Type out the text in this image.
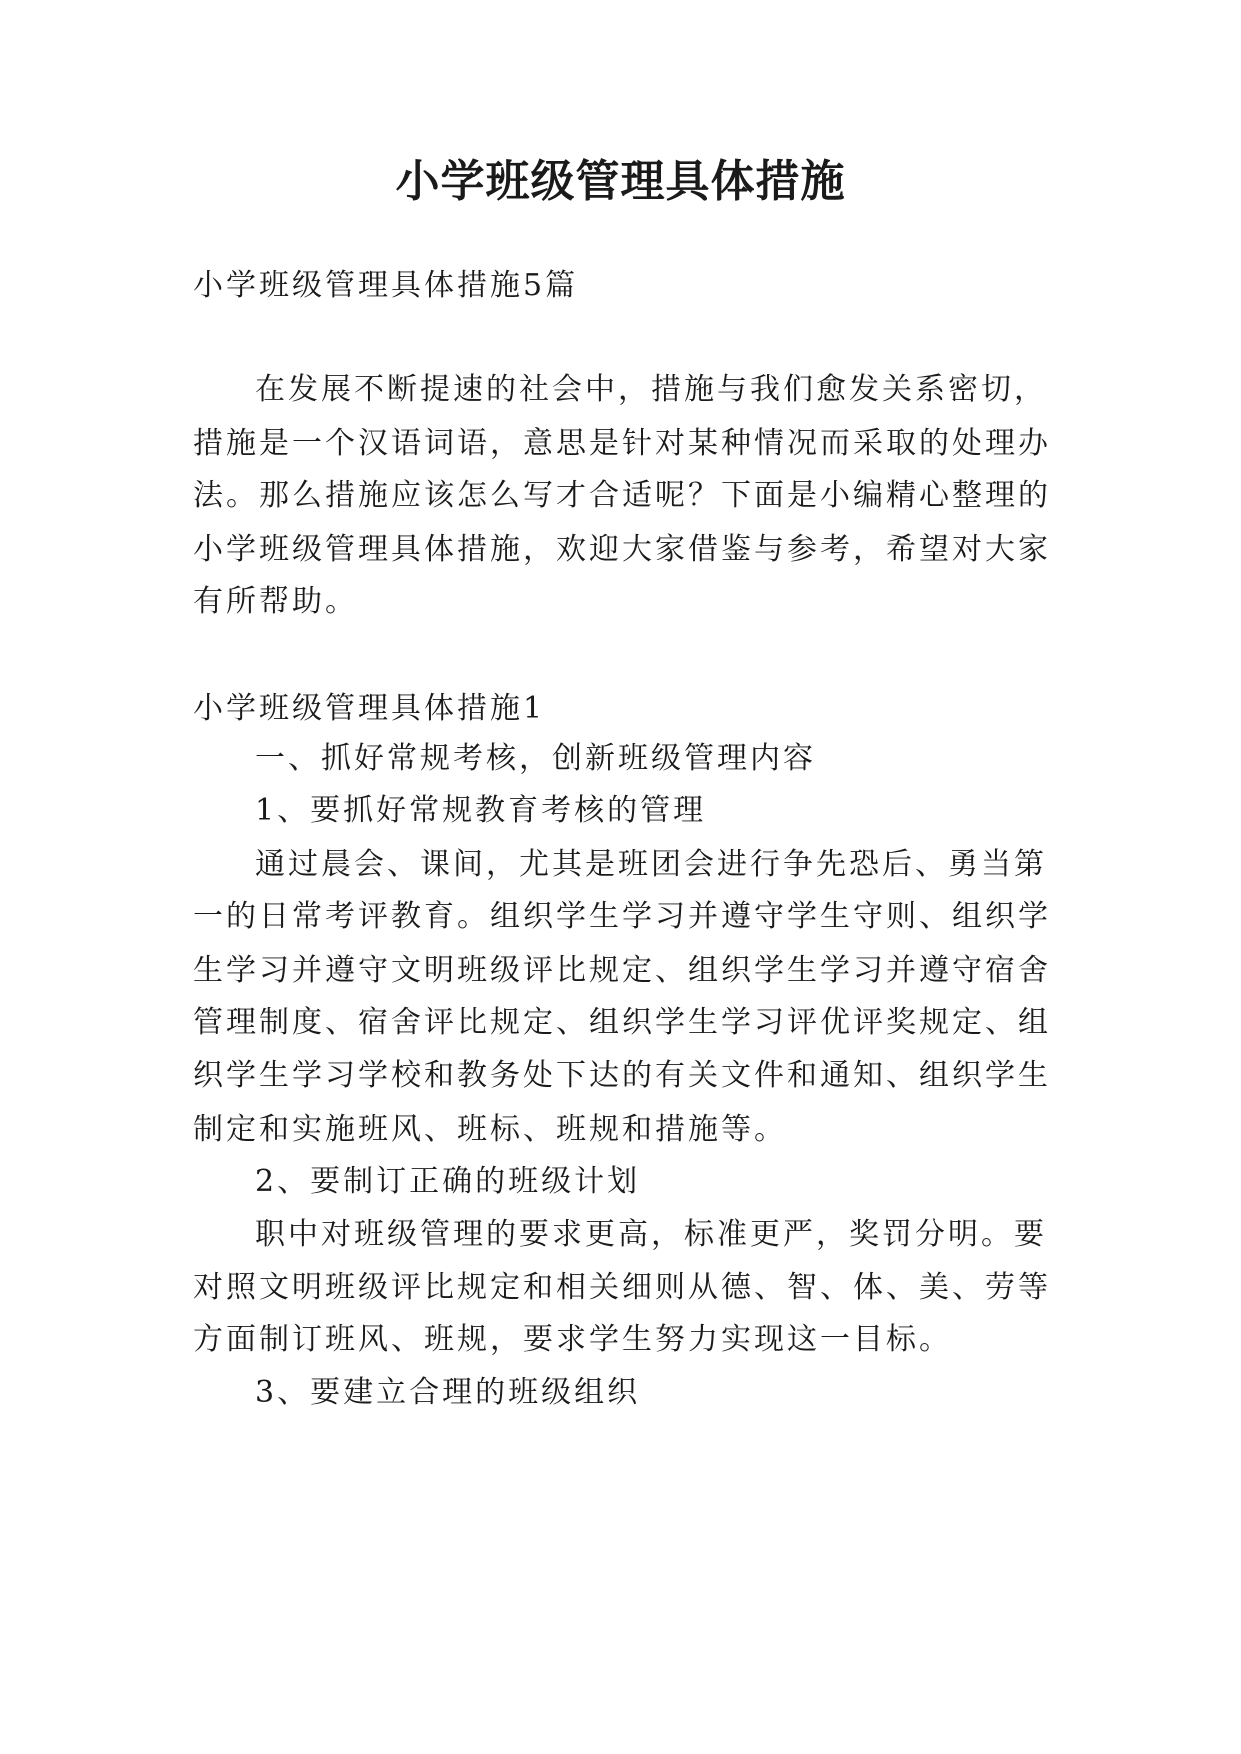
小学班级管理具体措施
小学班级管理具体措施5篇
在发展不断提速的社会中，措施与我们愈发关系密切，
措施是一个汉语词语，意思是针对某种情况而采取的处理办
法。那么措施应该怎么写才合适呢？下面是小编精心整理的
小学班级管理具体措施，欢迎大家借鉴与参考，希望对大家
有所帮助。
小学班级管理具体措施1
一、抓好常规考核，创新班级管理内容
1、要抓好常规教育考核的管理
通过晨会、课间，尤其是班团会进行争先恐后、勇当第
一的日常考评教育。组织学生学习并遵守学生守则、组织学
生学习并遵守文明班级评比规定、组织学生学习并遵守宿舍
管理制度、宿舍评比规定、组织学生学习评优评奖规定、组
织学生学习学校和教务处下达的有关文件和通知、组织学生
制定和实施班风、班标、班规和措施等。
2、要制订正确的班级计划
职中对班级管理的要求更高，标准更严，奖罚分明。要
对照文明班级评比规定和相关细则从德、智、体、美、劳等
方面制订班风、班规，要求学生努力实现这一目标。
3、要建立合理的班级组织
